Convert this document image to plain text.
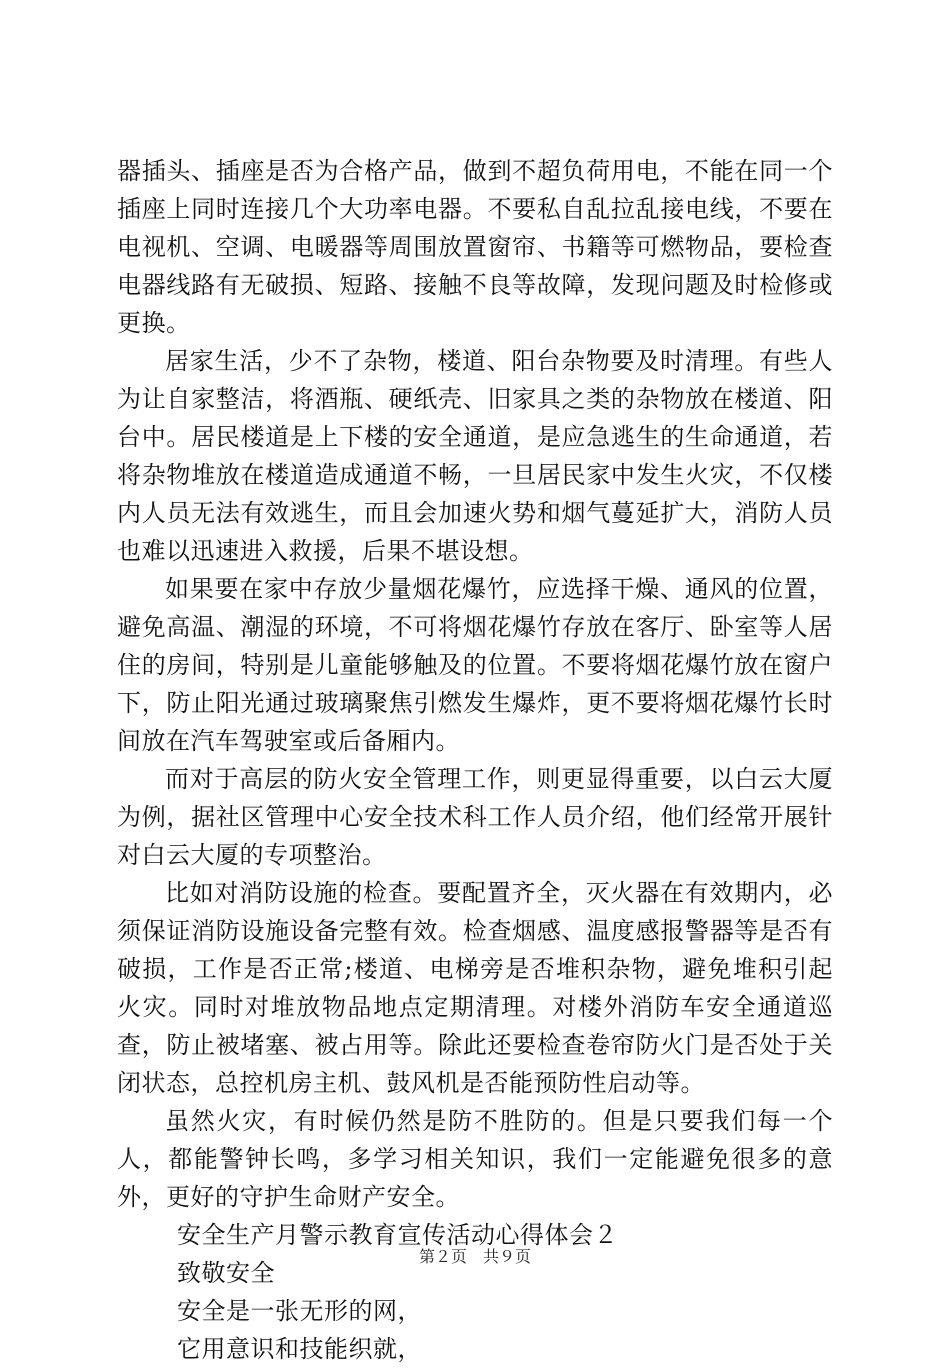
器插头、插座是否为合格产品，做到不超负荷用电，不能在同一个插座上同时连接几个大功率电器。不要私自乱拉乱接电线，不要在电视机、空调、电暖器等周围放置窗帘、书籍等可燃物品，要检查电器线路有无破损、短路、接触不良等故障，发现问题及时检修或更换。

居家生活，少不了杂物，楼道、阳台杂物要及时清理。有些人为让自家整洁，将酒瓶、硬纸壳、旧家具之类的杂物放在楼道、阳台中。居民楼道是上下楼的安全通道，是应急逃生的生命通道，若将杂物堆放在楼道造成通道不畅，一旦居民家中发生火灾，不仅楼内人员无法有效逃生，而且会加速火势和烟气蔓延扩大，消防人员也难以迅速进入救援，后果不堪设想。

如果要在家中存放少量烟花爆竹，应选择干燥、通风的位置，避免高温、潮湿的环境，不可将烟花爆竹存放在客厅、卧室等人居住的房间，特别是儿童能够触及的位置。不要将烟花爆竹放在窗户下，防止阳光通过玻璃聚焦引燃发生爆炸，更不要将烟花爆竹长时间放在汽车驾驶室或后备厢内。

而对于高层的防火安全管理工作，则更显得重要，以白云大厦为例，据社区管理中心安全技术科工作人员介绍，他们经常开展针对白云大厦的专项整治。

比如对消防设施的检查。要配置齐全，灭火器在有效期内，必须保证消防设施设备完整有效。检查烟感、温度感报警器等是否有破损，工作是否正常;楼道、电梯旁是否堆积杂物，避免堆积引起火灾。同时对堆放物品地点定期清理。对楼外消防车安全通道巡查，防止被堵塞、被占用等。除此还要检查卷帘防火门是否处于关闭状态，总控机房主机、鼓风机是否能预防性启动等。

虽然火灾，有时候仍然是防不胜防的。但是只要我们每一个人，都能警钟长鸣，多学习相关知识，我们一定能避免很多的意外，更好的守护生命财产安全。

安全生产月警示教育宣传活动心得体会２

致敬安全

安全是一张无形的网，

它用意识和技能织就，

第２页　共９页
